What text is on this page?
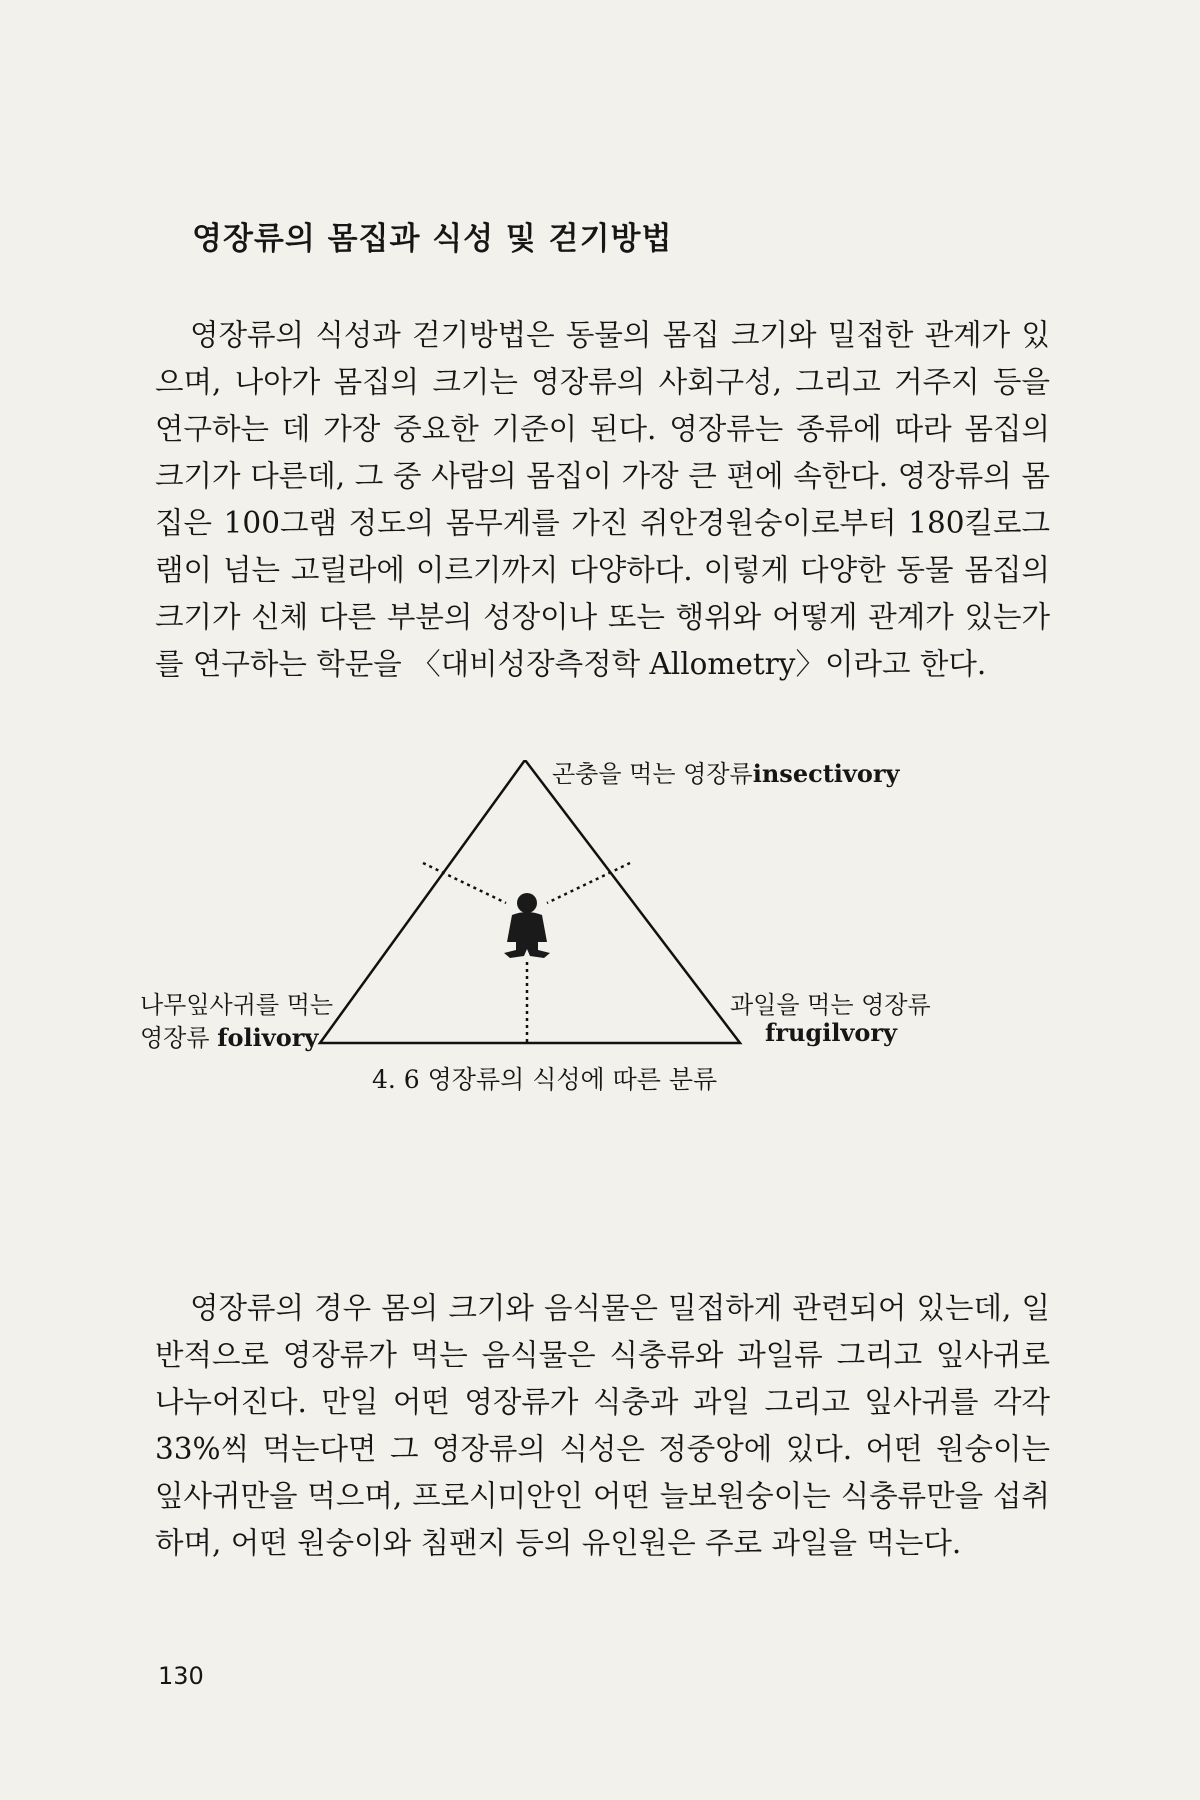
영장류의 몸집과 식성 및 걷기방법

영장류의 식성과 걷기방법은 동물의 몸집 크기와 밀접한 관계가 있으며, 나아가 몸집의 크기는 영장류의 사회구성, 그리고 거주지 등을 연구하는 데 가장 중요한 기준이 된다. 영장류는 종류에 따라 몸집의 크기가 다른데, 그 중 사람의 몸집이 가장 큰 편에 속한다. 영장류의 몸집은 100그램 정도의 몸무게를 가진 쥐안경원숭이로부터 180킬로그램이 넘는 고릴라에 이르기까지 다양하다. 이렇게 다양한 동물 몸집의 크기가 신체 다른 부분의 성장이나 또는 행위와 어떻게 관계가 있는가를 연구하는 학문을 〈대비성장측정학 Allometry〉이라고 한다.

곤충을 먹는 영장류insectivory
나무잎사귀를 먹는
영장류 folivory
과일을 먹는 영장류
frugilvory
4. 6 영장류의 식성에 따른 분류

영장류의 경우 몸의 크기와 음식물은 밀접하게 관련되어 있는데, 일반적으로 영장류가 먹는 음식물은 식충류와 과일류 그리고 잎사귀로 나누어진다. 만일 어떤 영장류가 식충과 과일 그리고 잎사귀를 각각 33%씩 먹는다면 그 영장류의 식성은 정중앙에 있다. 어떤 원숭이는 잎사귀만을 먹으며, 프로시미안인 어떤 늘보원숭이는 식충류만을 섭취하며, 어떤 원숭이와 침팬지 등의 유인원은 주로 과일을 먹는다.

130
